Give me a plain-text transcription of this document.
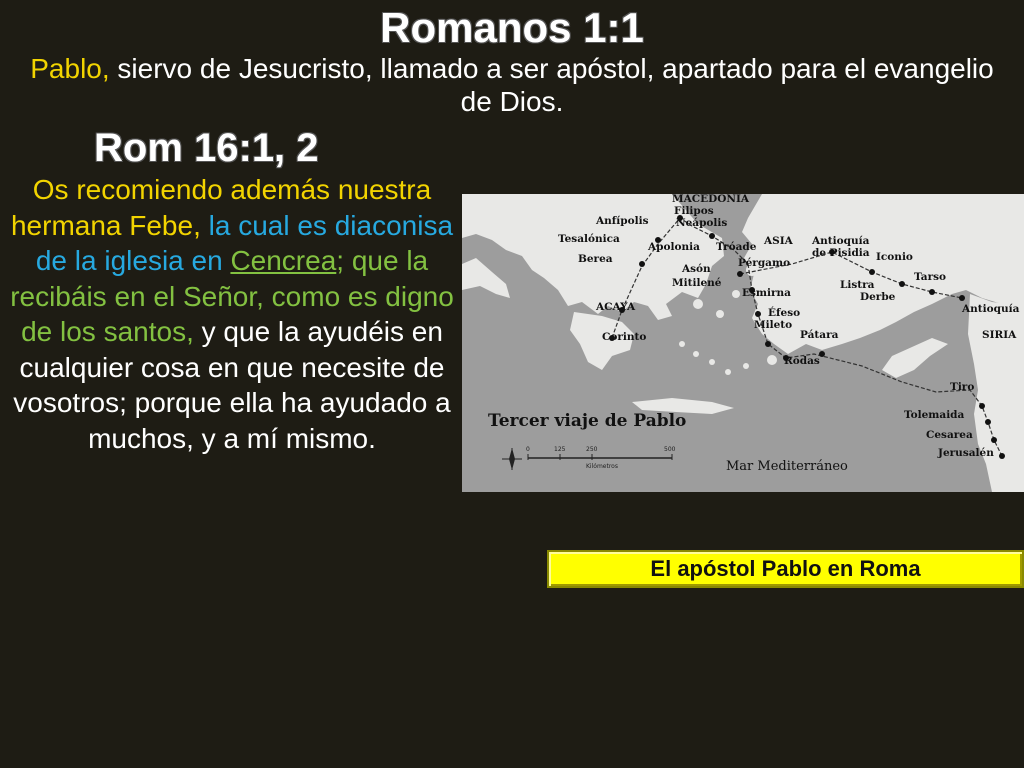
Romanos 1:1
Pablo, siervo de Jesucristo, llamado a ser apóstol, apartado para el evangelio de Dios.
Rom 16:1, 2
Os recomiendo además nuestra hermana Febe, la cual es diaconisa de la iglesia en Cencrea; que la recibáis en el Señor, como es digno de los santos, y que la ayudéis en cualquier cosa en que necesite de vosotros; porque ella ha ayudado a muchos, y a mí mismo.
MACEDONIA
Filipos
Anfípolis	Neápolis
Tesalónica
Apolonia Tróade ASIA Antioquía
de Pisidia Iconio
Berea
Asón
Mitilené
Pérgamo
Tarso
Listra
Derbe
ACAYA
Esmirna
Antioquía
Éfeso
Mileto
Corinto	Pátara	SIRIA
Rodas
Tiro
Tolemaida
Cesarea
Jerusalén
Tercer viaje de Pablo
Mar Mediterráneo
0	125	250	500
Kilómetros
El apóstol Pablo en Roma
